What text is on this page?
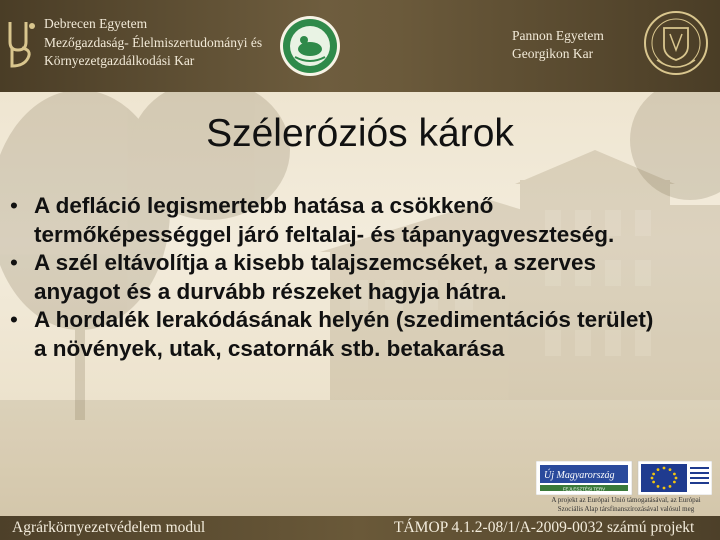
Debrecen Egyetem
Mezőgazdaság- Élelmiszertudományi és
Környezetgazdálkodási Kar
Pannon Egyetem
Georgikon Kar
Széleróziós károk
• A defláció legismertebb hatása a csökkenő termőképességgel járó feltalaj- és tápanyagveszteség.
• A szél eltávolítja a kisebb talajszemcséket, a szerves anyagot és a durvább részeket hagyja hátra.
• A hordalék lerakódásának helyén (szedimentációs terület) a növények, utak, csatornák stb. betakarása
Új Magyarország
FEJLESZTÉSI TERV
A projekt az Európai Unió támogatásával, az Európai
Szociális Alap társfinanszírozásával valósul meg
Agrárkörnyezetvédelem modul	TÁMOP 4.1.2-08/1/A-2009-0032 számú projekt
